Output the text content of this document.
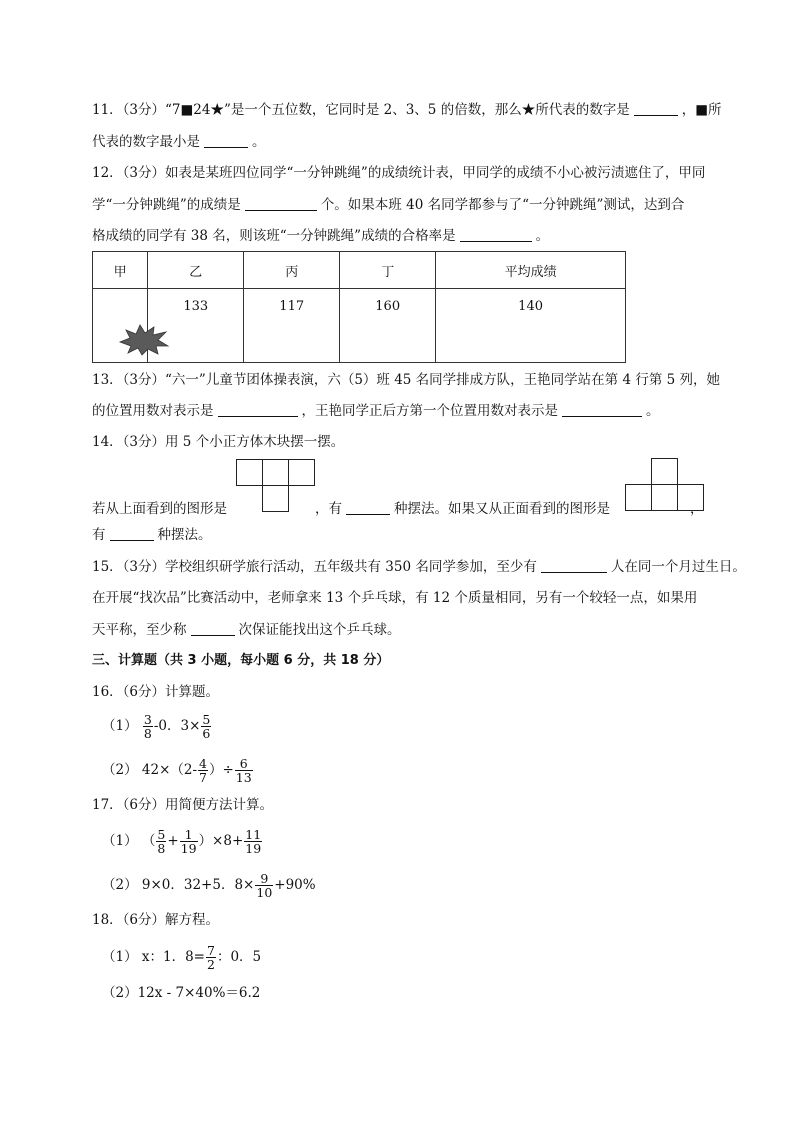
11．（3分）“7■24★”是一个五位数，它同时是 2、3、5 的倍数，那么★所代表的数字是	，■所
代表的数字最小是	。
12．（3分）如表是某班四位同学“一分钟跳绳”的成绩统计表，甲同学的成绩不小心被污渍遮住了，甲同
学“一分钟跳绳”的成绩是	个。如果本班 40 名同学都参与了“一分钟跳绳”测试，达到合
格成绩的同学有 38 名，则该班“一分钟跳绳”成绩的合格率是	。
甲	乙	丙	丁	平均成绩
	133	117	160	140
13．（3分）“六一”儿童节团体操表演，六（5）班 45 名同学排成方队，王艳同学站在第 4 行第 5 列，她
的位置用数对表示是	，王艳同学正后方第一个位置用数对表示是	。
14．（3分）用 5 个小正方体木块摆一摆。
若从上面看到的图形是	，有	种摆法。如果又从正面看到的图形是	，
有	种摆法。
15．（3分）学校组织研学旅行活动，五年级共有 350 名同学参加，至少有	人在同一个月过生日。
在开展“找次品”比赛活动中，老师拿来 13 个乒乓球，有 12 个质量相同，另有一个较轻一点，如果用
天平称，至少称	次保证能找出这个乒乓球。
三、计算题（共 3 小题，每小题 6 分，共 18 分）
16．（6分）计算题。
$(1) \frac{3}{8} -0$．$3\times \frac{5}{6}$
（2） $42\times(2- \frac{4}{7}$ ）÷ $\frac{6}{13}$
17．（6分）用简便方法计算。
（1） （ $\frac{5}{8} + \frac{1}{19} )\times 8+ \frac{11}{19}$
（2） 9×0．32+5．$8\times \frac{9}{10} +90\%$
18．（6分）解方程。
（1） x：1．$8= \frac{7}{2}$ ：0．5
（2）12x - 7×40%＝6.2
